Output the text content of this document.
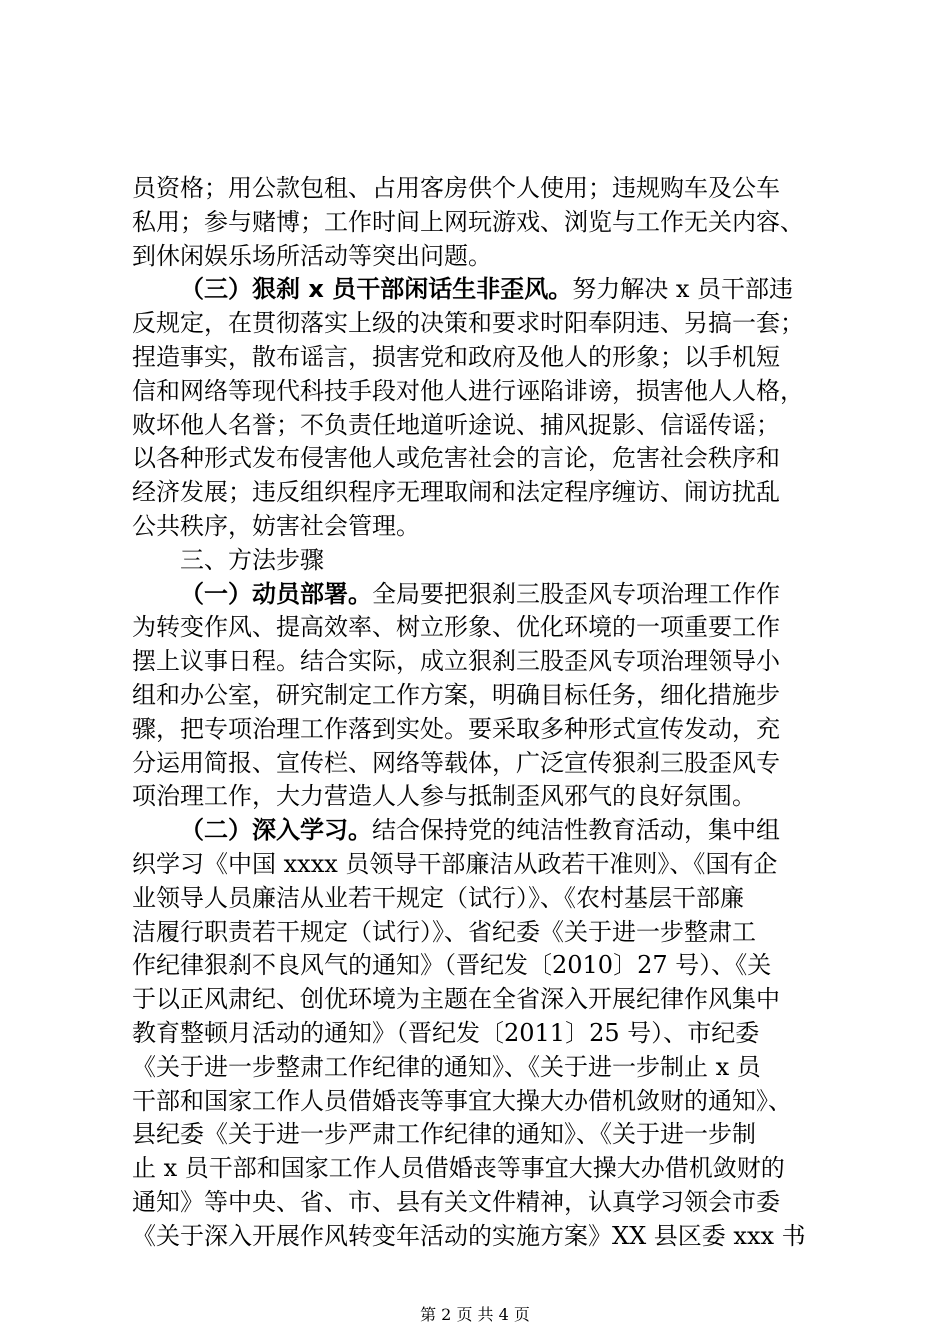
员资格；用公款包租、占用客房供个人使用；违规购车及公车
私用；参与赌博；工作时间上网玩游戏、浏览与工作无关内容、
到休闲娱乐场所活动等突出问题。
（三）狠刹 x 员干部闲话生非歪风。努力解决 x 员干部违
反规定，在贯彻落实上级的决策和要求时阳奉阴违、另搞一套；
捏造事实，散布谣言，损害党和政府及他人的形象；以手机短
信和网络等现代科技手段对他人进行诬陷诽谤，损害他人人格，
败坏他人名誉；不负责任地道听途说、捕风捉影、信谣传谣；
以各种形式发布侵害他人或危害社会的言论，危害社会秩序和
经济发展；违反组织程序无理取闹和法定程序缠访、闹访扰乱
公共秩序，妨害社会管理。
三、方法步骤
（一）动员部署。全局要把狠刹三股歪风专项治理工作作
为转变作风、提高效率、树立形象、优化环境的一项重要工作
摆上议事日程。结合实际，成立狠刹三股歪风专项治理领导小
组和办公室，研究制定工作方案，明确目标任务，细化措施步
骤，把专项治理工作落到实处。要采取多种形式宣传发动，充
分运用简报、宣传栏、网络等载体，广泛宣传狠刹三股歪风专
项治理工作，大力营造人人参与抵制歪风邪气的良好氛围。
（二）深入学习。结合保持党的纯洁性教育活动，集中组
织学习《中国 xxxx 员领导干部廉洁从政若干准则》、《国有企
业领导人员廉洁从业若干规定（试行）》、《农村基层干部廉
洁履行职责若干规定（试行）》、省纪委《关于进一步整肃工
作纪律狠刹不良风气的通知》（晋纪发〔2010〕27 号）、《关
于以正风肃纪、创优环境为主题在全省深入开展纪律作风集中
教育整顿月活动的通知》（晋纪发〔2011〕25 号）、市纪委
《关于进一步整肃工作纪律的通知》、《关于进一步制止 x 员
干部和国家工作人员借婚丧等事宜大操大办借机敛财的通知》、
县纪委《关于进一步严肃工作纪律的通知》、《关于进一步制
止 x 员干部和国家工作人员借婚丧等事宜大操大办借机敛财的
通知》等中央、省、市、县有关文件精神，认真学习领会市委
《关于深入开展作风转变年活动的实施方案》XX 县区委 xxx 书
第 2 页 共 4 页
